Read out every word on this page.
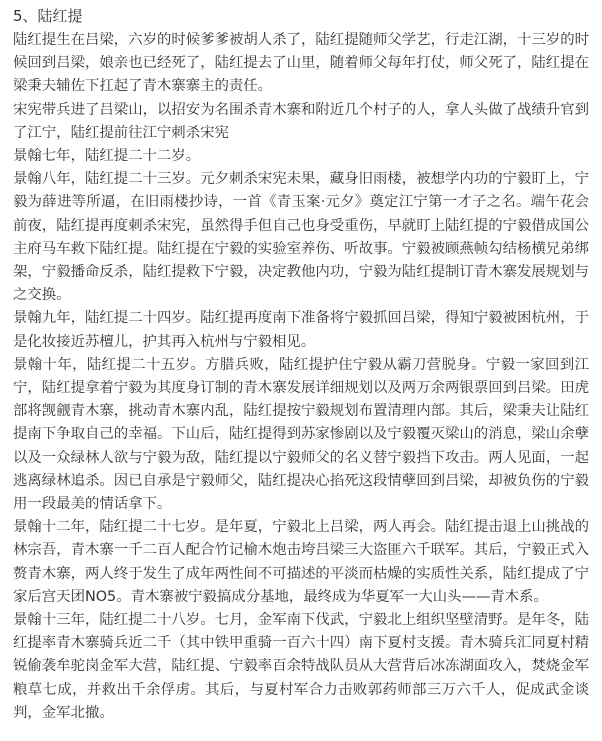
5、陆红提

陆红提生在吕梁，六岁的时候爹爹被胡人杀了，陆红提随师父学艺，行走江湖，十三岁的时候回到吕梁，娘亲也已经死了，陆红提去了山里，随着师父每年打仗，师父死了，陆红提在梁秉夫辅佐下扛起了青木寨寨主的责任。

宋宪带兵进了吕梁山，以招安为名围杀青木寨和附近几个村子的人，拿人头做了战绩升官到了江宁，陆红提前往江宁刺杀宋宪

景翰七年，陆红提二十二岁。

景翰八年，陆红提二十三岁。元夕刺杀宋宪未果，藏身旧雨楼，被想学内功的宁毅盯上，宁毅为薛进等所逼，在旧雨楼抄诗，一首《青玉案·元夕》奠定江宁第一才子之名。端午花会前夜，陆红提再度刺杀宋宪，虽然得手但自己也身受重伤，早就盯上陆红提的宁毅借成国公主府马车救下陆红提。陆红提在宁毅的实验室养伤、听故事。宁毅被顾燕帧勾结杨横兄弟绑架，宁毅播命反杀，陆红提救下宁毅，决定教他内功，宁毅为陆红提制订青木寨发展规划与之交换。

景翰九年，陆红提二十四岁。陆红提再度南下准备将宁毅抓回吕梁，得知宁毅被困杭州，于是化妆接近苏檀儿，护其再入杭州与宁毅相见。

景翰十年，陆红提二十五岁。方腊兵败，陆红提护住宁毅从霸刀营脱身。宁毅一家回到江宁，陆红提拿着宁毅为其度身订制的青木寨发展详细规划以及两万余两银票回到吕梁。田虎部将觊觎青木寨，挑动青木寨内乱，陆红提按宁毅规划布置清理内部。其后，梁秉夫让陆红提南下争取自己的幸福。下山后，陆红提得到苏家惨剧以及宁毅覆灭梁山的消息，梁山余孽以及一众绿林人欲与宁毅为敌，陆红提以宁毅师父的名义替宁毅挡下攻击。两人见面，一起逃离绿林追杀。因已自承是宁毅师父，陆红提决心掐死这段情孽回到吕梁，却被负伤的宁毅用一段最美的情话拿下。

景翰十二年，陆红提二十七岁。是年夏，宁毅北上吕梁，两人再会。陆红提击退上山挑战的林宗吾，青木寨一千二百人配合竹记榆木炮击垮吕梁三大盗匪六千联军。其后，宁毅正式入赘青木寨，两人终于发生了成年两性间不可描述的平淡而枯燥的实质性关系，陆红提成了宁家后宫天团NO5。青木寨被宁毅搞成分基地，最终成为华夏军一大山头——青木系。

景翰十三年，陆红提二十八岁。七月，金军南下伐武，宁毅北上组织坚壁清野。是年冬，陆红提率青木寨骑兵近二千（其中铁甲重骑一百六十四）南下夏村支援。青木骑兵汇同夏村精锐偷袭牟驼岗金军大营，陆红提、宁毅率百余特战队员从大营背后冰冻湖面攻入，焚烧金军粮草七成，并救出千余俘虏。其后，与夏村军合力击败郭药师部三万六千人，促成武金谈判，金军北撤。
